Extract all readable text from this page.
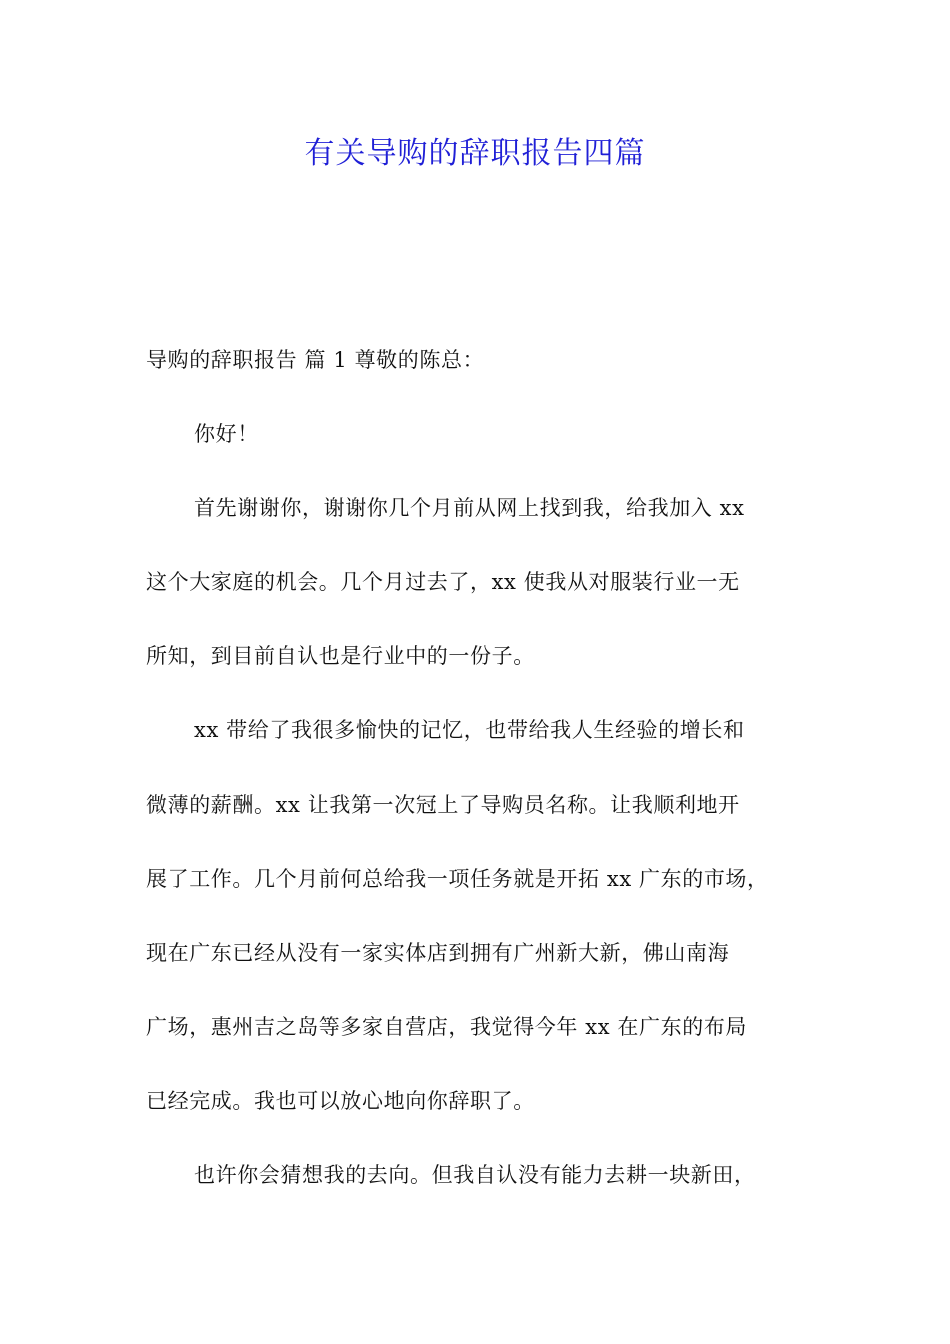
有关导购的辞职报告四篇
导购的辞职报告 篇 1 尊敬的陈总：
你好！
首先谢谢你，谢谢你几个月前从网上找到我，给我加入 xx
这个大家庭的机会。几个月过去了，xx 使我从对服装行业一无
所知，到目前自认也是行业中的一份子。
xx 带给了我很多愉快的记忆，也带给我人生经验的增长和
微薄的薪酬。xx 让我第一次冠上了导购员名称。让我顺利地开
展了工作。几个月前何总给我一项任务就是开拓 xx 广东的市场，
现在广东已经从没有一家实体店到拥有广州新大新，佛山南海
广场，惠州吉之岛等多家自营店，我觉得今年 xx 在广东的布局
已经完成。我也可以放心地向你辞职了。
也许你会猜想我的去向。但我自认没有能力去耕一块新田，
